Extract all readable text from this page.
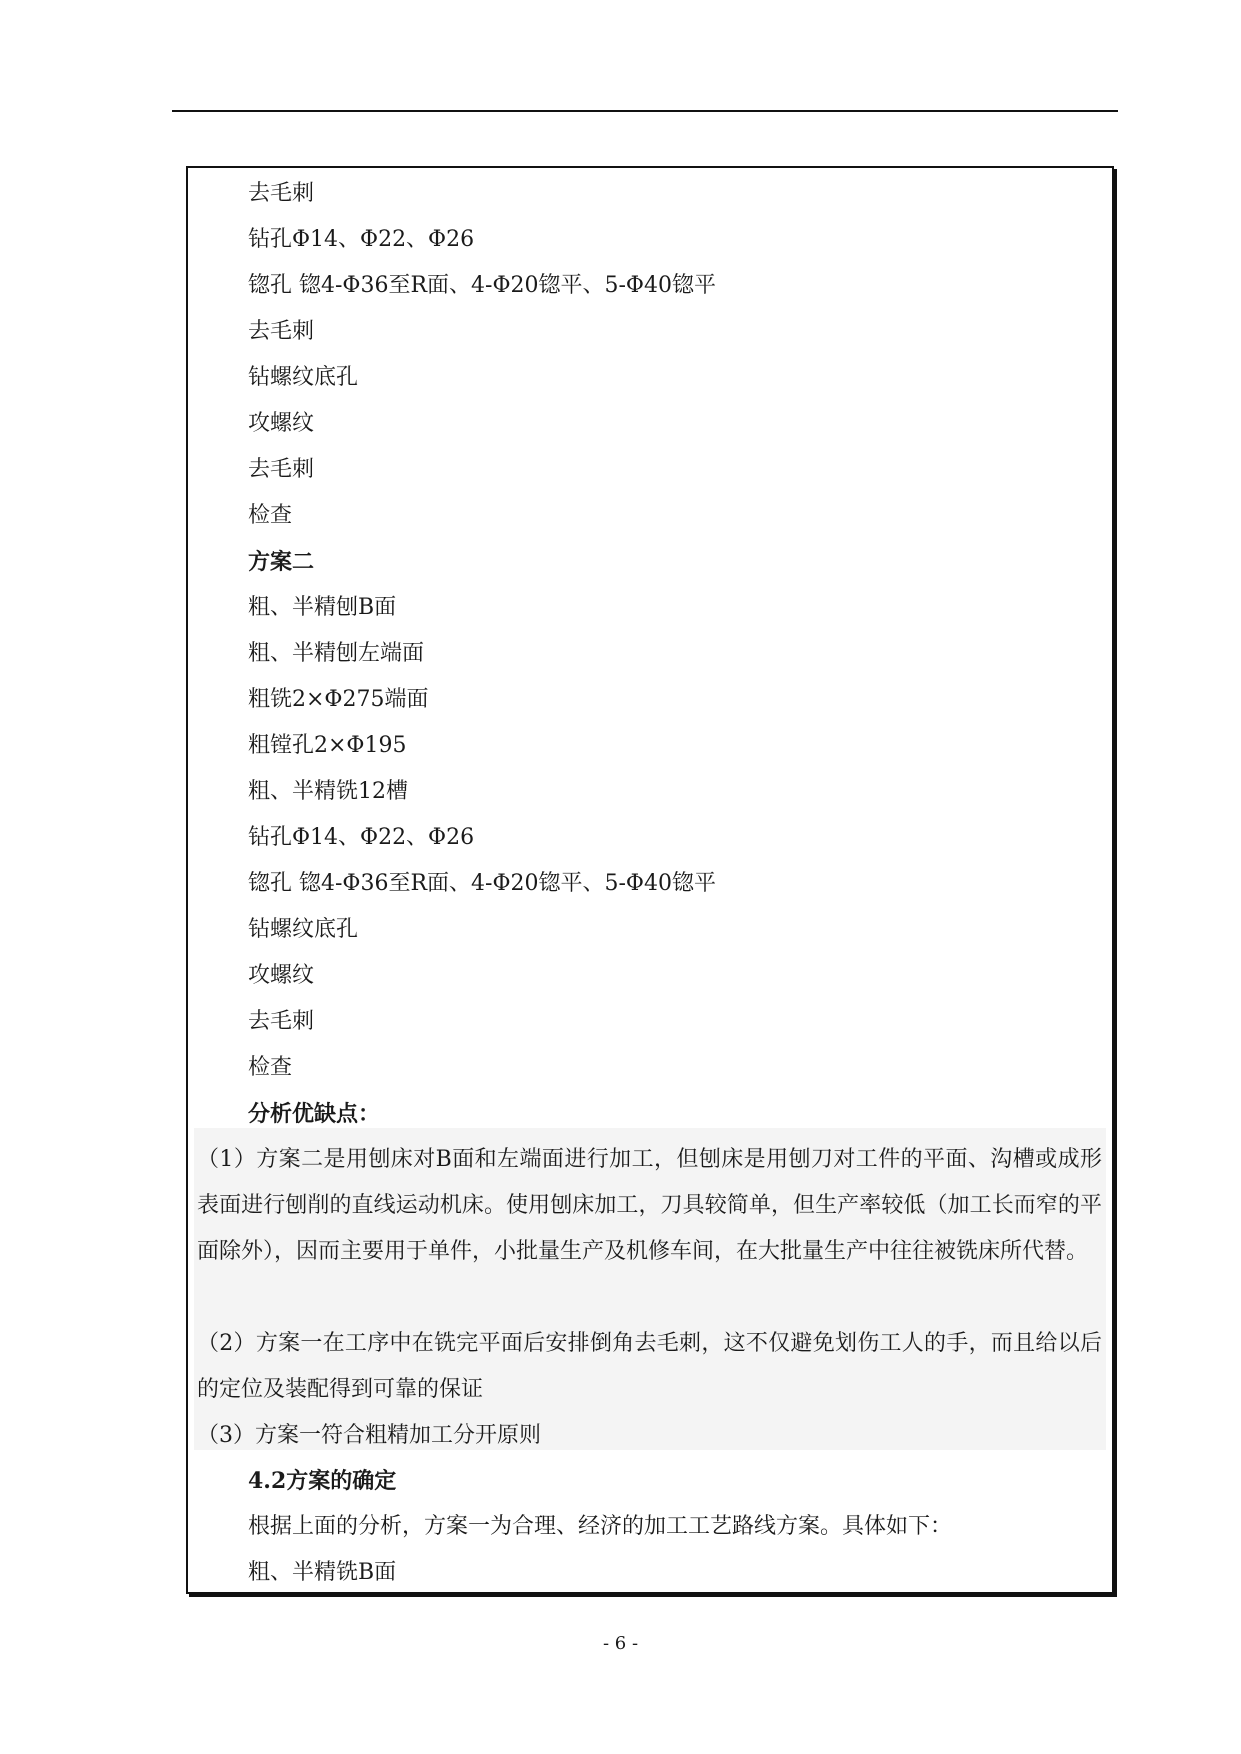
去毛刺
钻孔Φ14、Φ22、Φ26
锪孔 锪4-Φ36至R面、4-Φ20锪平、5-Φ40锪平
去毛刺
钻螺纹底孔
攻螺纹
去毛刺
检查
方案二
粗、半精刨B面
粗、半精刨左端面
粗铣2×Φ275端面
粗镗孔2×Φ195
粗、半精铣12槽
钻孔Φ14、Φ22、Φ26
锪孔 锪4-Φ36至R面、4-Φ20锪平、5-Φ40锪平
钻螺纹底孔
攻螺纹
去毛刺
检查
分析优缺点：
（1）方案二是用刨床对B面和左端面进行加工，但刨床是用刨刀对工件的平面、沟槽或成形表面进行刨削的直线运动机床。使用刨床加工，刀具较简单，但生产率较低（加工长而窄的平面除外），因而主要用于单件，小批量生产及机修车间，在大批量生产中往往被铣床所代替。
（2）方案一在工序中在铣完平面后安排倒角去毛刺，这不仅避免划伤工人的手，而且给以后的定位及装配得到可靠的保证
（3）方案一符合粗精加工分开原则
4.2方案的确定
根据上面的分析，方案一为合理、经济的加工工艺路线方案。具体如下：
粗、半精铣B面
- 6 -
